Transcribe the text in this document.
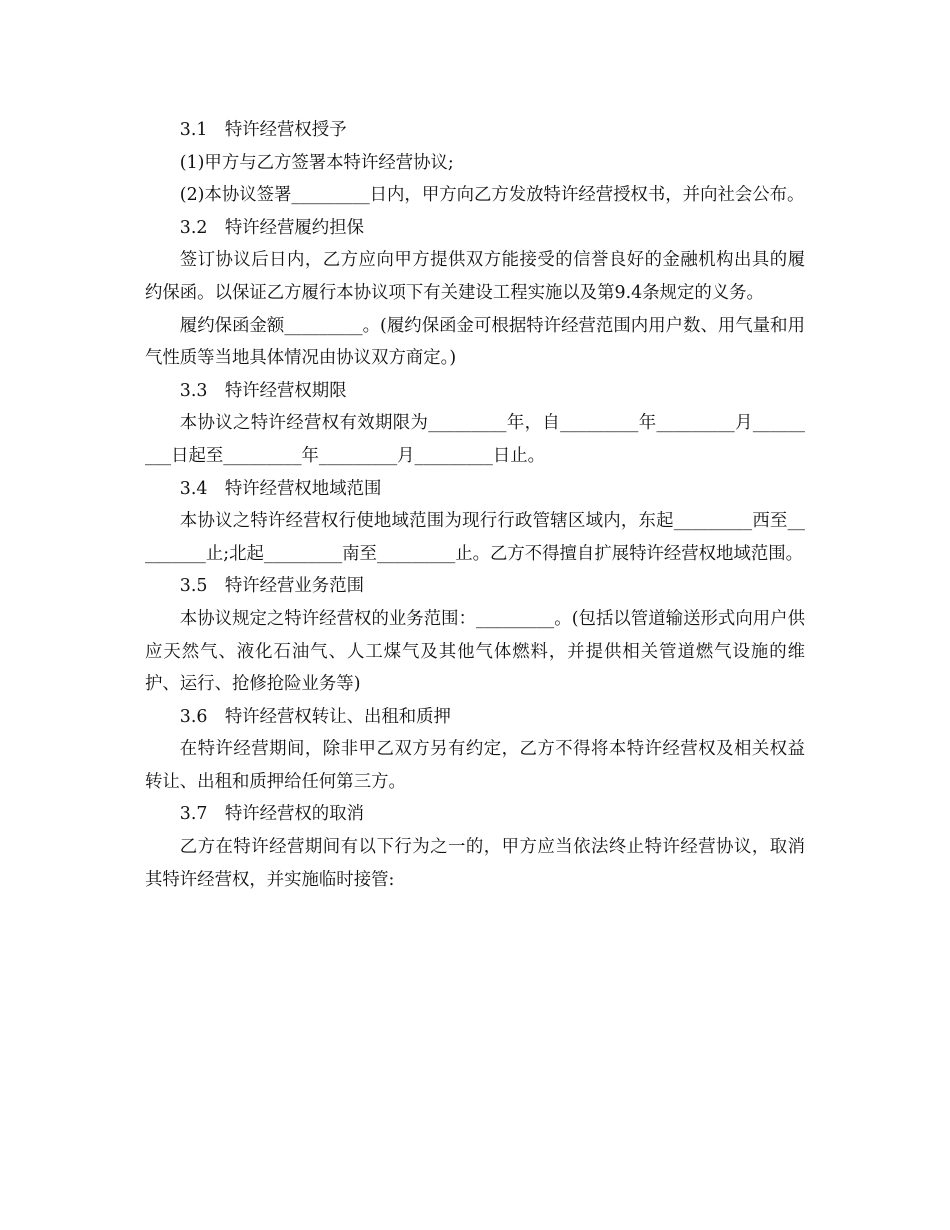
3.1　特许经营权授予

(1)甲方与乙方签署本特许经营协议;

(2)本协议签署_________日内，甲方向乙方发放特许经营授权书，并向社会公布。

3.2　特许经营履约担保

签订协议后日内，乙方应向甲方提供双方能接受的信誉良好的金融机构出具的履约保函。以保证乙方履行本协议项下有关建设工程实施以及第9.4条规定的义务。

履约保函金额_________。(履约保函金可根据特许经营范围内用户数、用气量和用气性质等当地具体情况由协议双方商定。)

3.3　特许经营权期限

本协议之特许经营权有效期限为_________年，自_________年_________月_________日起至_________年_________月_________日止。

3.4　特许经营权地域范围

本协议之特许经营权行使地域范围为现行行政管辖区域内，东起_________西至_________止;北起_________南至_________止。乙方不得擅自扩展特许经营权地域范围。

3.5　特许经营业务范围

本协议规定之特许经营权的业务范围：_________。(包括以管道输送形式向用户供应天然气、液化石油气、人工煤气及其他气体燃料，并提供相关管道燃气设施的维护、运行、抢修抢险业务等)

3.6　特许经营权转让、出租和质押

在特许经营期间，除非甲乙双方另有约定，乙方不得将本特许经营权及相关权益转让、出租和质押给任何第三方。

3.7　特许经营权的取消

乙方在特许经营期间有以下行为之一的，甲方应当依法终止特许经营协议，取消其特许经营权，并实施临时接管:
